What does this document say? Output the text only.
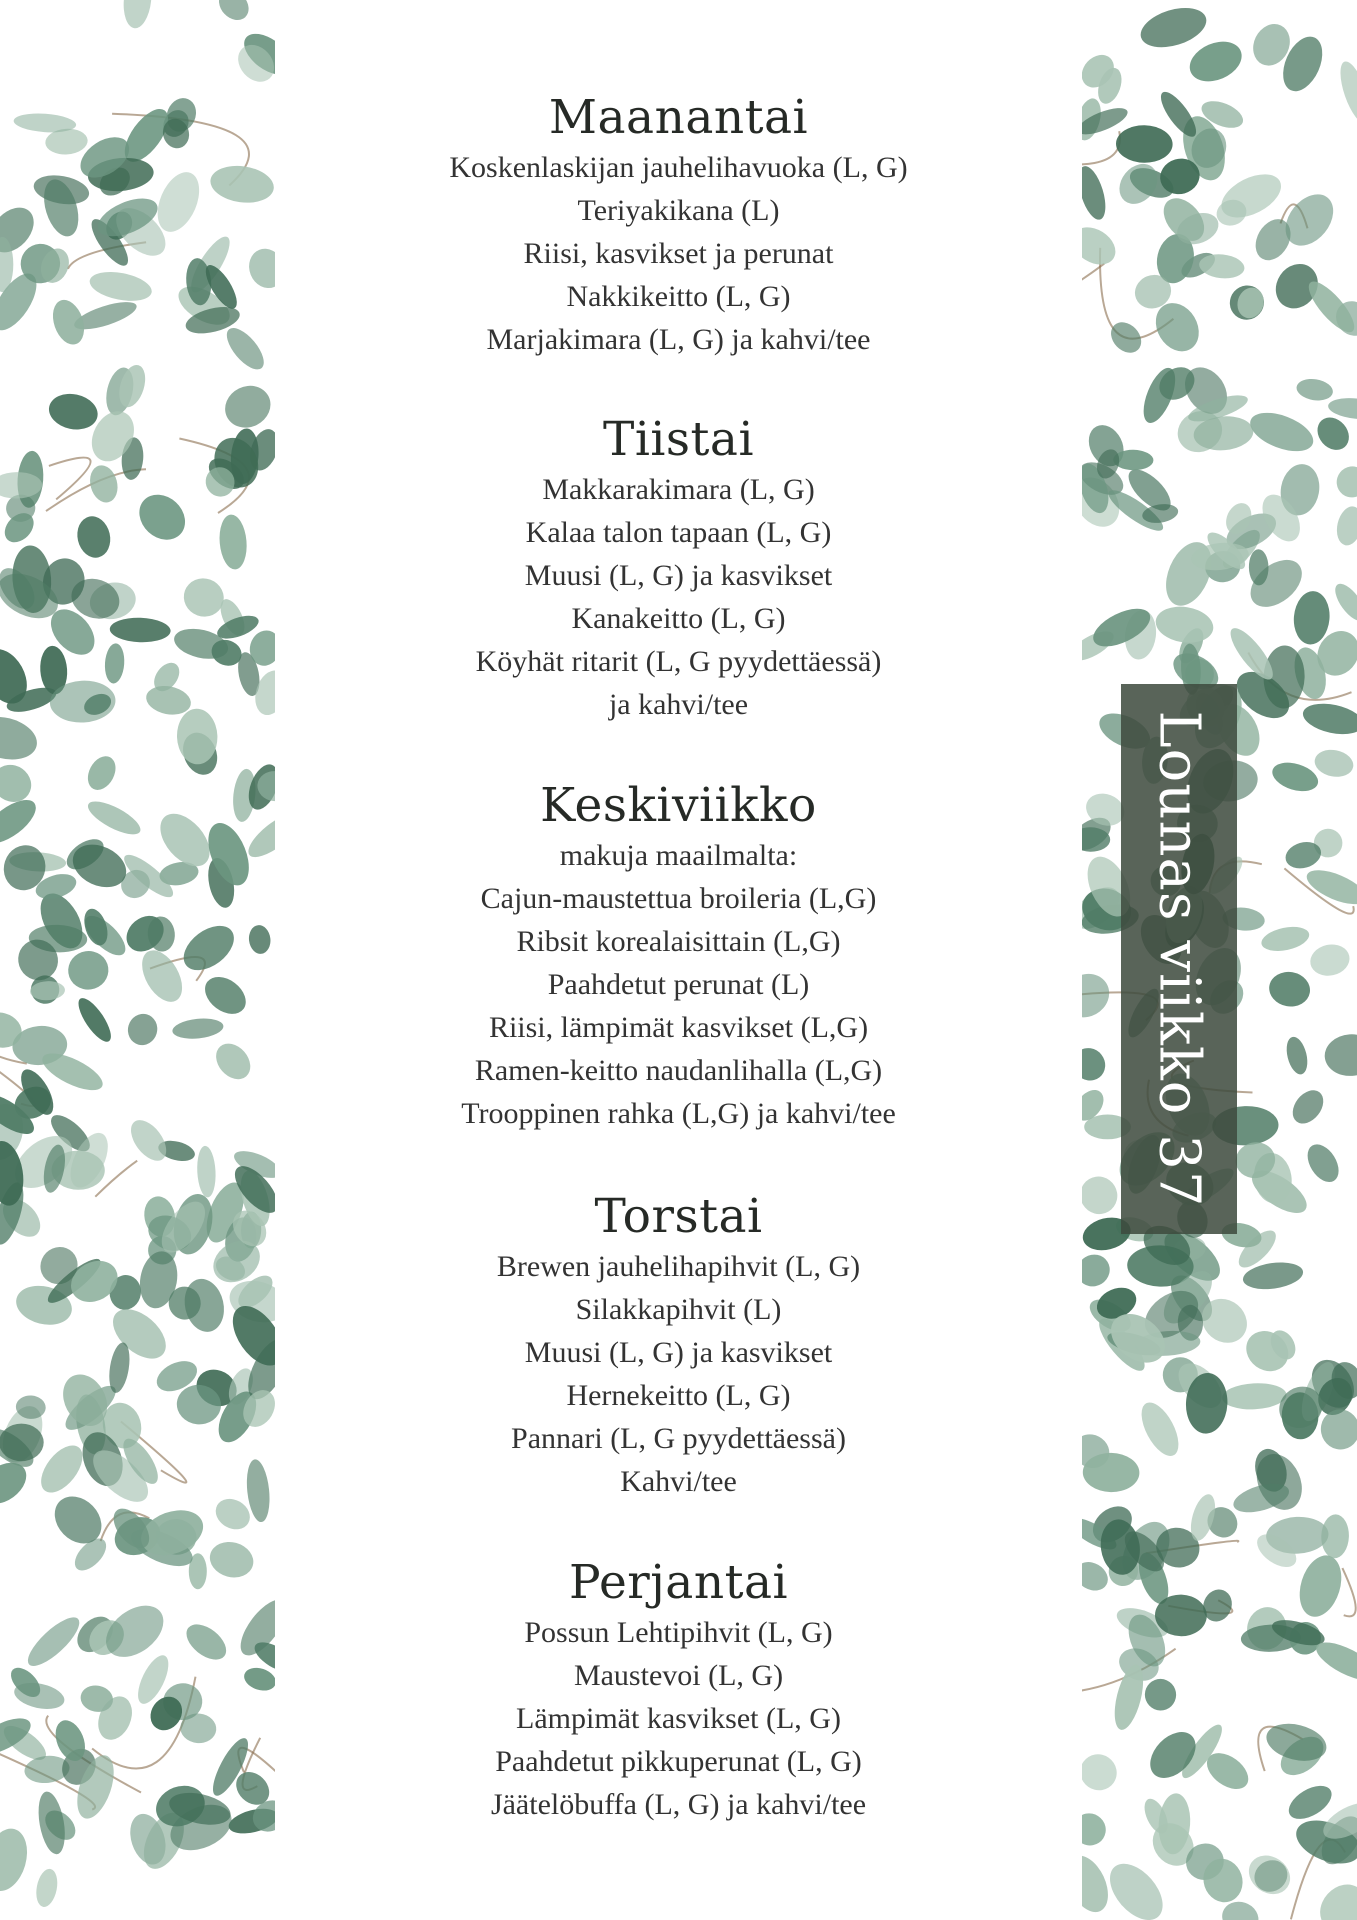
Maanantai
Koskenlaskijan jauhelihavuoka (L, G)
Teriyakikana (L)
Riisi, kasvikset ja perunat
Nakkikeitto (L, G)
Marjakimara (L, G) ja kahvi/tee
Tiistai
Makkarakimara (L, G)
Kalaa talon tapaan (L, G)
Muusi (L, G) ja kasvikset
Kanakeitto (L, G)
Köyhät ritarit (L, G pyydettäessä)
ja kahvi/tee
Keskiviikko
makuja maailmalta:
Cajun-maustettua broileria (L,G)
Ribsit korealaisittain (L,G)
Paahdetut perunat (L)
Riisi, lämpimät kasvikset (L,G)
Ramen-keitto naudanlihalla (L,G)
Trooppinen rahka (L,G) ja kahvi/tee
Torstai
Brewen jauhelihapihvit (L, G)
Silakkapihvit (L)
Muusi (L, G) ja kasvikset
Hernekeitto (L, G)
Pannari (L, G pyydettäessä)
Kahvi/tee
Perjantai
Possun Lehtipihvit (L, G)
Maustevoi (L, G)
Lämpimät kasvikset (L, G)
Paahdetut pikkuperunat (L, G)
Jäätelöbuffa (L, G) ja kahvi/tee
Lounas viikko 37
